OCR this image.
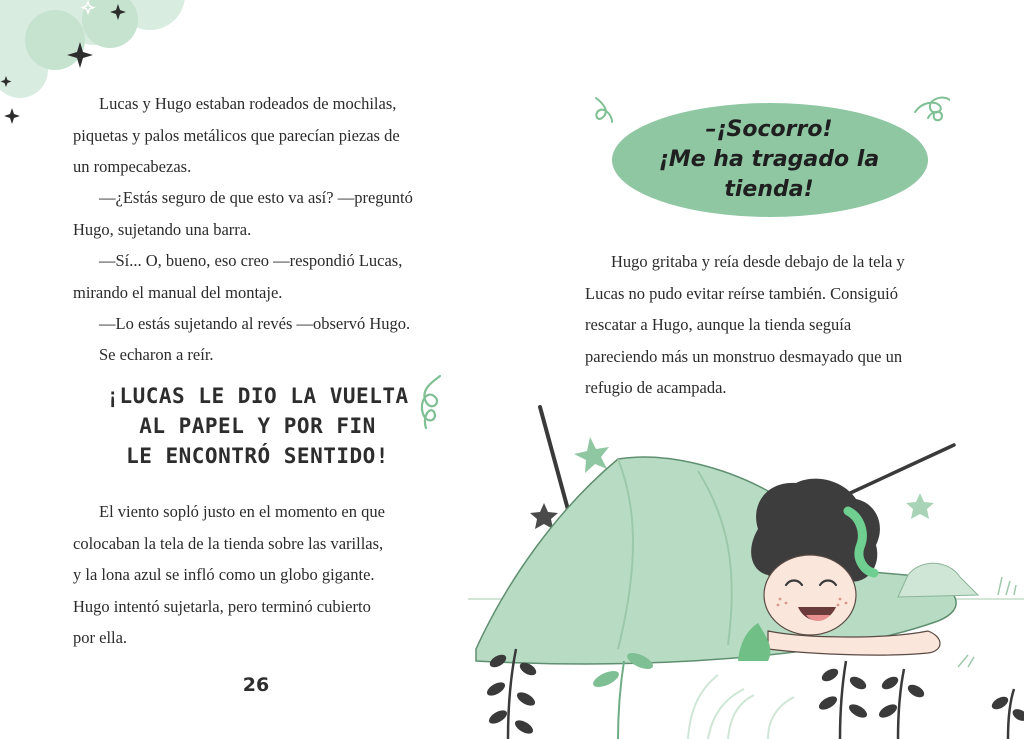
Lucas y Hugo estaban rodeados de mochilas,
piquetas y palos metálicos que parecían piezas de
un rompecabezas.

—¿Estás seguro de que esto va así? —preguntó
Hugo, sujetando una barra.

—Sí... O, bueno, eso creo —respondió Lucas,
mirando el manual del montaje.

—Lo estás sujetando al revés —observó Hugo.

Se echaron a reír.

¡LUCAS LE DIO LA VUELTA
AL PAPEL Y POR FIN
LE ENCONTRÓ SENTIDO!

El viento sopló justo en el momento en que
colocaban la tela de la tienda sobre las varillas,
y la lona azul se infló como un globo gigante.
Hugo intentó sujetarla, pero terminó cubierto
por ella.

26
–¡Socorro!
¡Me ha tragado la tienda!

Hugo gritaba y reía desde debajo de la tela y
Lucas no pudo evitar reírse también. Consiguió
rescatar a Hugo, aunque la tienda seguía
pareciendo más un monstruo desmayado que un
refugio de acampada.
